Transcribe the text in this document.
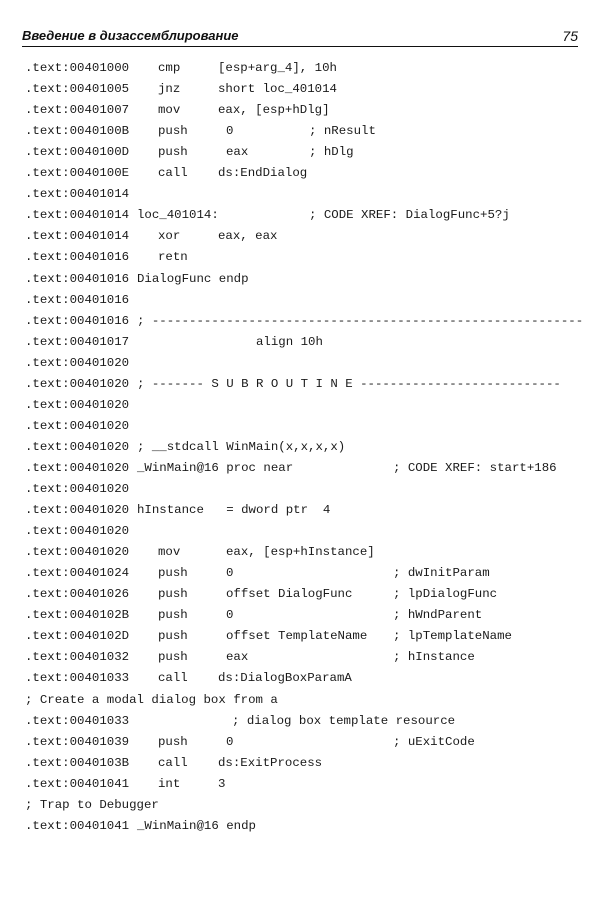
Введение в дизассемблирование	75
.text:00401000 cmp	[esp+arg_4], 10h
.text:00401005 jnz	short loc_401014
.text:00401007 mov	eax, [esp+hDlg]
.text:0040100B push	0	; nResult
.text:0040100D push	eax	; hDlg
.text:0040100E call ds:EndDialog
.text:00401014
.text:00401014 loc_401014:	; CODE XREF: DialogFunc+5?j
.text:00401014 xor	eax, eax
.text:00401016 retn
.text:00401016 DialogFunc endp
.text:00401016
.text:00401016 ; ----------------------------------------------------------
.text:00401017	align 10h
.text:00401020
.text:00401020 ; ------- S U B R O U T I N E ---------------------------
.text:00401020
.text:00401020
.text:00401020 ; __stdcall WinMain(x,x,x,x)
.text:00401020 _WinMain@16 proc near	; CODE XREF: start+186
.text:00401020
.text:00401020 hInstance   = dword ptr  4
.text:00401020
.text:00401020 mov	eax, [esp+hInstance]
.text:00401024 push	0	; dwInitParam
.text:00401026 push	offset DialogFunc	; lpDialogFunc
.text:0040102B push	0	; hWndParent
.text:0040102D push	offset TemplateName ; lpTemplateName
.text:00401032 push	eax	; hInstance
.text:00401033 call ds:DialogBoxParamA
; Create a modal dialog box from a
.text:00401033	; dialog box template resource
.text:00401039 push	0	; uExitCode
.text:0040103B call ds:ExitProcess
.text:00401041 int	3
; Trap to Debugger
.text:00401041 _WinMain@16 endp
